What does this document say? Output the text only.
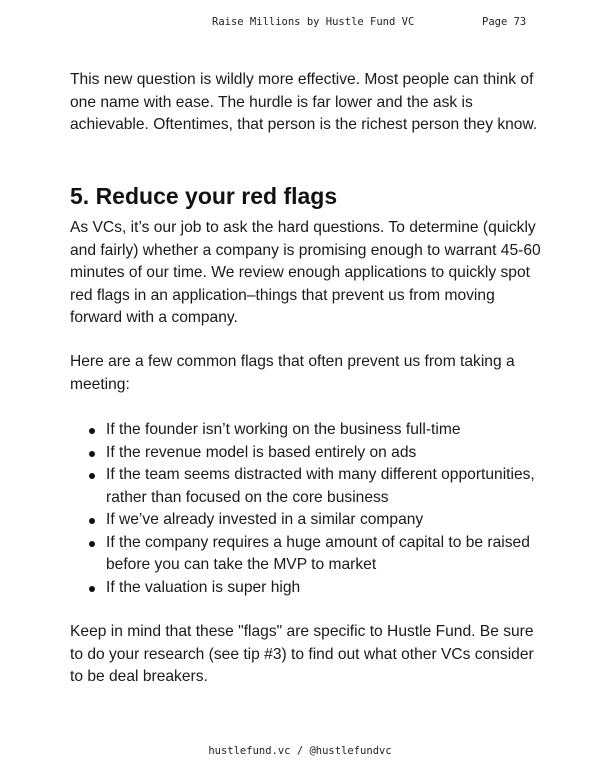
Raise Millions by Hustle Fund VC	Page 73
This new question is wildly more effective. Most people can think of
one name with ease. The hurdle is far lower and the ask is
achievable. Oftentimes, that person is the richest person they know.
5. Reduce your red flags
As VCs, it’s our job to ask the hard questions. To determine (quickly
and fairly) whether a company is promising enough to warrant 45-60
minutes of our time. We review enough applications to quickly spot
red flags in an application–things that prevent us from moving
forward with a company.
Here are a few common flags that often prevent us from taking a
meeting:
If the founder isn’t working on the business full-time
If the revenue model is based entirely on ads
If the team seems distracted with many different opportunities,
rather than focused on the core business
If we’ve already invested in a similar company
If the company requires a huge amount of capital to be raised
before you can take the MVP to market
If the valuation is super high
Keep in mind that these "flags" are specific to Hustle Fund. Be sure
to do your research (see tip #3) to find out what other VCs consider
to be deal breakers.
hustlefund.vc / @hustlefundvc
